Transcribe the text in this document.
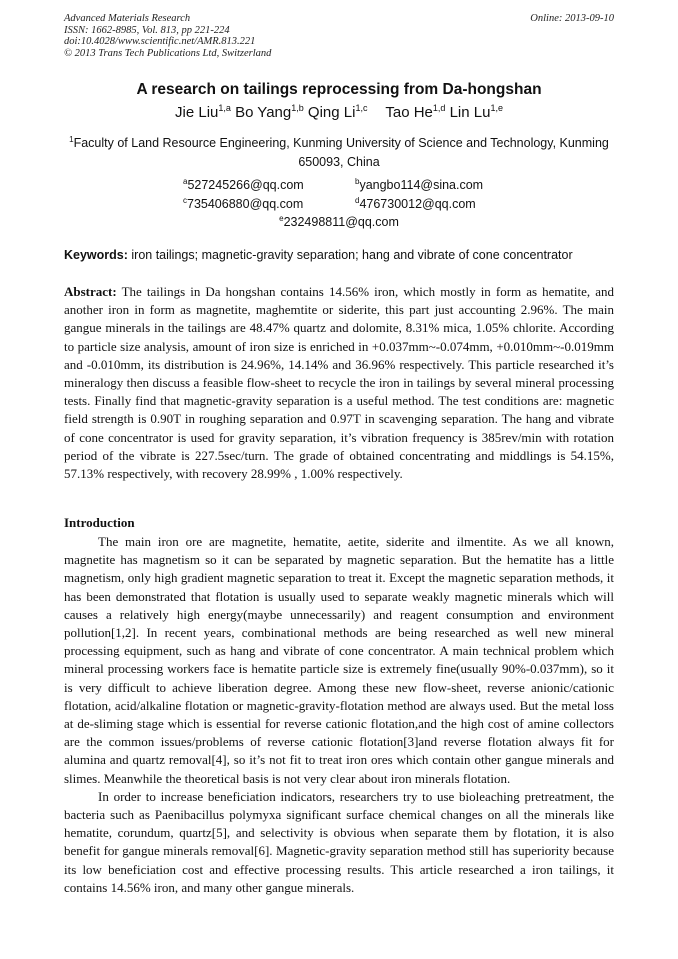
Advanced Materials Research
ISSN: 1662-8985, Vol. 813, pp 221-224
doi:10.4028/www.scientific.net/AMR.813.221
© 2013 Trans Tech Publications Ltd, Switzerland
Online: 2013-09-10
A research on tailings reprocessing from Da-hongshan
Jie Liu$^{1,a}$ Bo Yang$^{1,b}$ Qing Li$^{1,c}$ Tao He$^{1,d}$ Lin Lu$^{1,e}$
$^1$Faculty of Land Resource Engineering, Kunming University of Science and Technology, Kunming 650093, China
$^a$527245266@qq.com	$^b$yangbo114@sina.com
$^c$735406880@qq.com	$^d$476730012@qq.com
$^e$232498811@qq.com
Keywords: iron tailings; magnetic-gravity separation; hang and vibrate of cone concentrator
Abstract: The tailings in Da hongshan contains 14.56% iron, which mostly in form as hematite, and another iron in form as magnetite, maghemtite or siderite, this part just accounting 2.96%. The main gangue minerals in the tailings are 48.47% quartz and dolomite, 8.31% mica, 1.05% chlorite. According to particle size analysis, amount of iron size is enriched in +0.037mm~-0.074mm, +0.010mm~-0.019mm and -0.010mm, its distribution is 24.96%, 14.14% and 36.96% respectively. This particle researched it’s mineralogy then discuss a feasible flow-sheet to recycle the iron in tailings by several mineral processing tests. Finally find that magnetic-gravity separation is a useful method. The test conditions are: magnetic field strength is 0.90T in roughing separation and 0.97T in scavenging separation. The hang and vibrate of cone concentrator is used for gravity separation, it’s vibration frequency is 385rev/min with rotation period of the vibrate is 227.5sec/turn. The grade of obtained concentrating and middlings is 54.15%, 57.13% respectively, with recovery 28.99% , 1.00% respectively.
Introduction

The main iron ore are magnetite, hematite, aetite, siderite and ilmentite. As we all known, magnetite has magnetism so it can be separated by magnetic separation. But the hematite has a little magnetism, only high gradient magnetic separation to treat it. Except the magnetic separation methods, it has been demonstrated that flotation is usually used to separate weakly magnetic minerals which will causes a relatively high energy(maybe unnecessarily) and reagent consumption and environment pollution[1,2]. In recent years, combinational methods are being researched as well new mineral processing equipment, such as hang and vibrate of cone concentrator. A main technical problem which mineral processing workers face is hematite particle size is extremely fine(usually 90%-0.037mm), so it is very difficult to achieve liberation degree. Among these new flow-sheet, reverse anionic/cationic flotation, acid/alkaline flotation or magnetic-gravity-flotation method are always used. But the metal loss at de-sliming stage which is essential for reverse cationic flotation,and the high cost of amine collectors are the common issues/problems of reverse cationic flotation[3]and reverse flotation always fit for alumina and quartz removal[4], so it’s not fit to treat iron ores which contain other gangue minerals and slimes. Meanwhile the theoretical basis is not very clear about iron minerals flotation.

In order to increase beneficiation indicators, researchers try to use bioleaching pretreatment, the bacteria such as Paenibacillus polymyxa significant surface chemical changes on all the minerals like hematite, corundum, quartz[5], and selectivity is obvious when separate them by flotation, it is also benefit for gangue minerals removal[6]. Magnetic-gravity separation method still has superiority because its low beneficiation cost and effective processing results. This article researched a iron tailings, it contains 14.56% iron, and many other gangue minerals.
